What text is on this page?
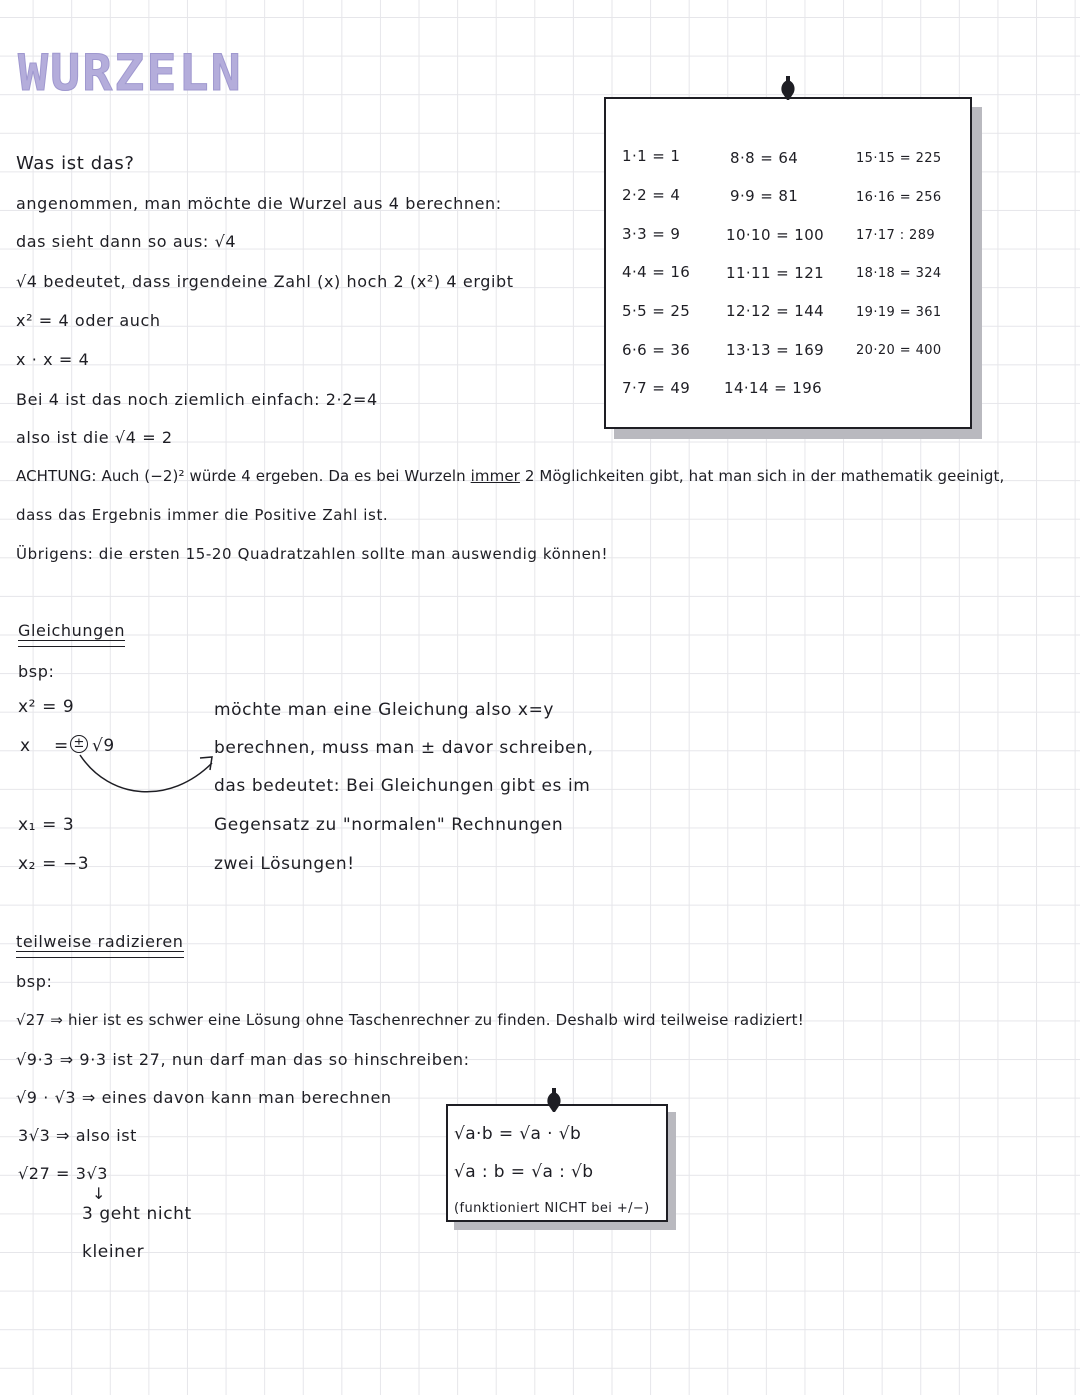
WURZELN
Was ist das?
angenommen, man möchte die Wurzel aus 4 berechnen:
das sieht dann so aus: √4
√4 bedeutet, dass irgendeine Zahl (x) hoch 2 (x²) 4 ergibt
x² = 4 oder auch
x · x = 4
Bei 4 ist das noch ziemlich einfach: 2·2=4
also ist die √4 = 2
ACHTUNG: Auch (−2)² würde 4 ergeben. Da es bei Wurzeln immer 2 Möglichkeiten gibt, hat man sich in der mathematik geeinigt,
dass das Ergebnis immer die Positive Zahl ist.
Übrigens: die ersten 15-20 Quadratzahlen sollte man auswendig können!
1·1 = 1
2·2 = 4
3·3 = 9
4·4 = 16
5·5 = 25
6·6 = 36
7·7 = 49
8·8 = 64
9·9 = 81
10·10 = 100
11·11 = 121
12·12 = 144
13·13 = 169
14·14 = 196
15·15 = 225
16·16 = 256
17·17 : 289
18·18 = 324
19·19 = 361
20·20 = 400
Gleichungen
bsp:
x² = 9
x = ± √9
x₁ = 3
x₂ = −3
möchte man eine Gleichung also x=y
berechnen, muss man ± davor schreiben,
das bedeutet: Bei Gleichungen gibt es im
Gegensatz zu "normalen" Rechnungen
zwei Lösungen!
teilweise radizieren
bsp:
√27 ⇒ hier ist es schwer eine Lösung ohne Taschenrechner zu finden. Deshalb wird teilweise radiziert!
√9·3 ⇒ 9·3 ist 27, nun darf man das so hinschreiben:
√9 · √3 ⇒ eines davon kann man berechnen
3√3 ⇒ also ist
√27 = 3√3
↓
3 geht nicht
kleiner
√a·b = √a · √b
√a : b = √a : √b
(funktioniert NICHT bei +/−)
